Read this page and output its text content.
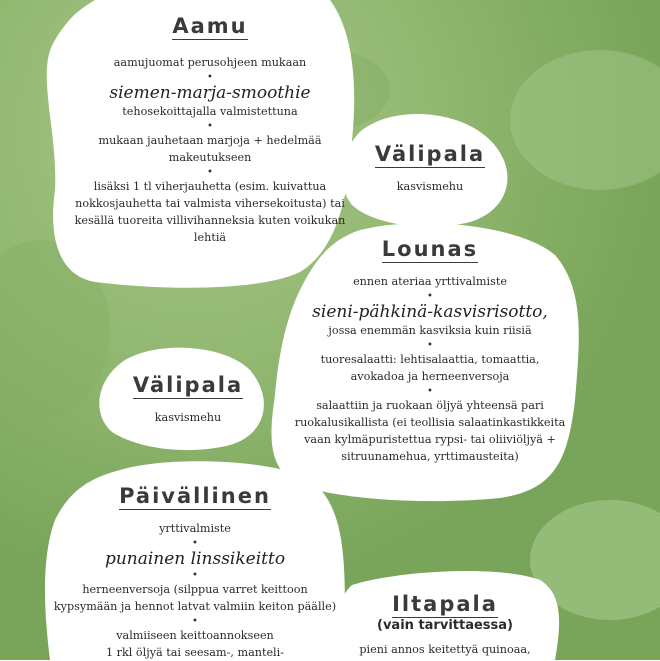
Aamu

aamujuomat perusohjeen mukaan

•

siemen-marja-smoothie

tehosekoittajalla valmistettuna

•

mukaan jauhetaan marjoja + hedelmää

makeutukseen

•

lisäksi 1 tl viherjauhetta (esim. kuivattua

nokkosjauhetta tai valmista vihersekoitusta) tai

kesällä tuoreita villivihanneksia kuten voikukan

lehtiä

Välipala

kasvismehu

Lounas

ennen ateriaa yrttivalmiste

•

sieni-pähkinä-kasvisrisotto,

jossa enemmän kasviksia kuin riisiä

•

tuoresalaatti: lehtisalaattia, tomaattia,

avokadoa ja herneenversoja

•

salaattiin ja ruokaan öljyä yhteensä pari

ruokalusikallista (ei teollisia salaatinkastikkeita

vaan kylmäpuristettua rypsi- tai oliiviöljyä +

sitruunamehua, yrttimausteita)

Välipala

kasvismehu

Päivällinen

yrttivalmiste

•

punainen linssikeitto

•

herneenversoja (silppua varret keittoon

kypsymään ja hennot latvat valmiin keiton päälle)

•

valmiiseen keittoannokseen

1 rkl öljyä tai seesam-, manteli-

Iltapala
(vain tarvittaessa)

pieni annos keitettyä quinoaa,
